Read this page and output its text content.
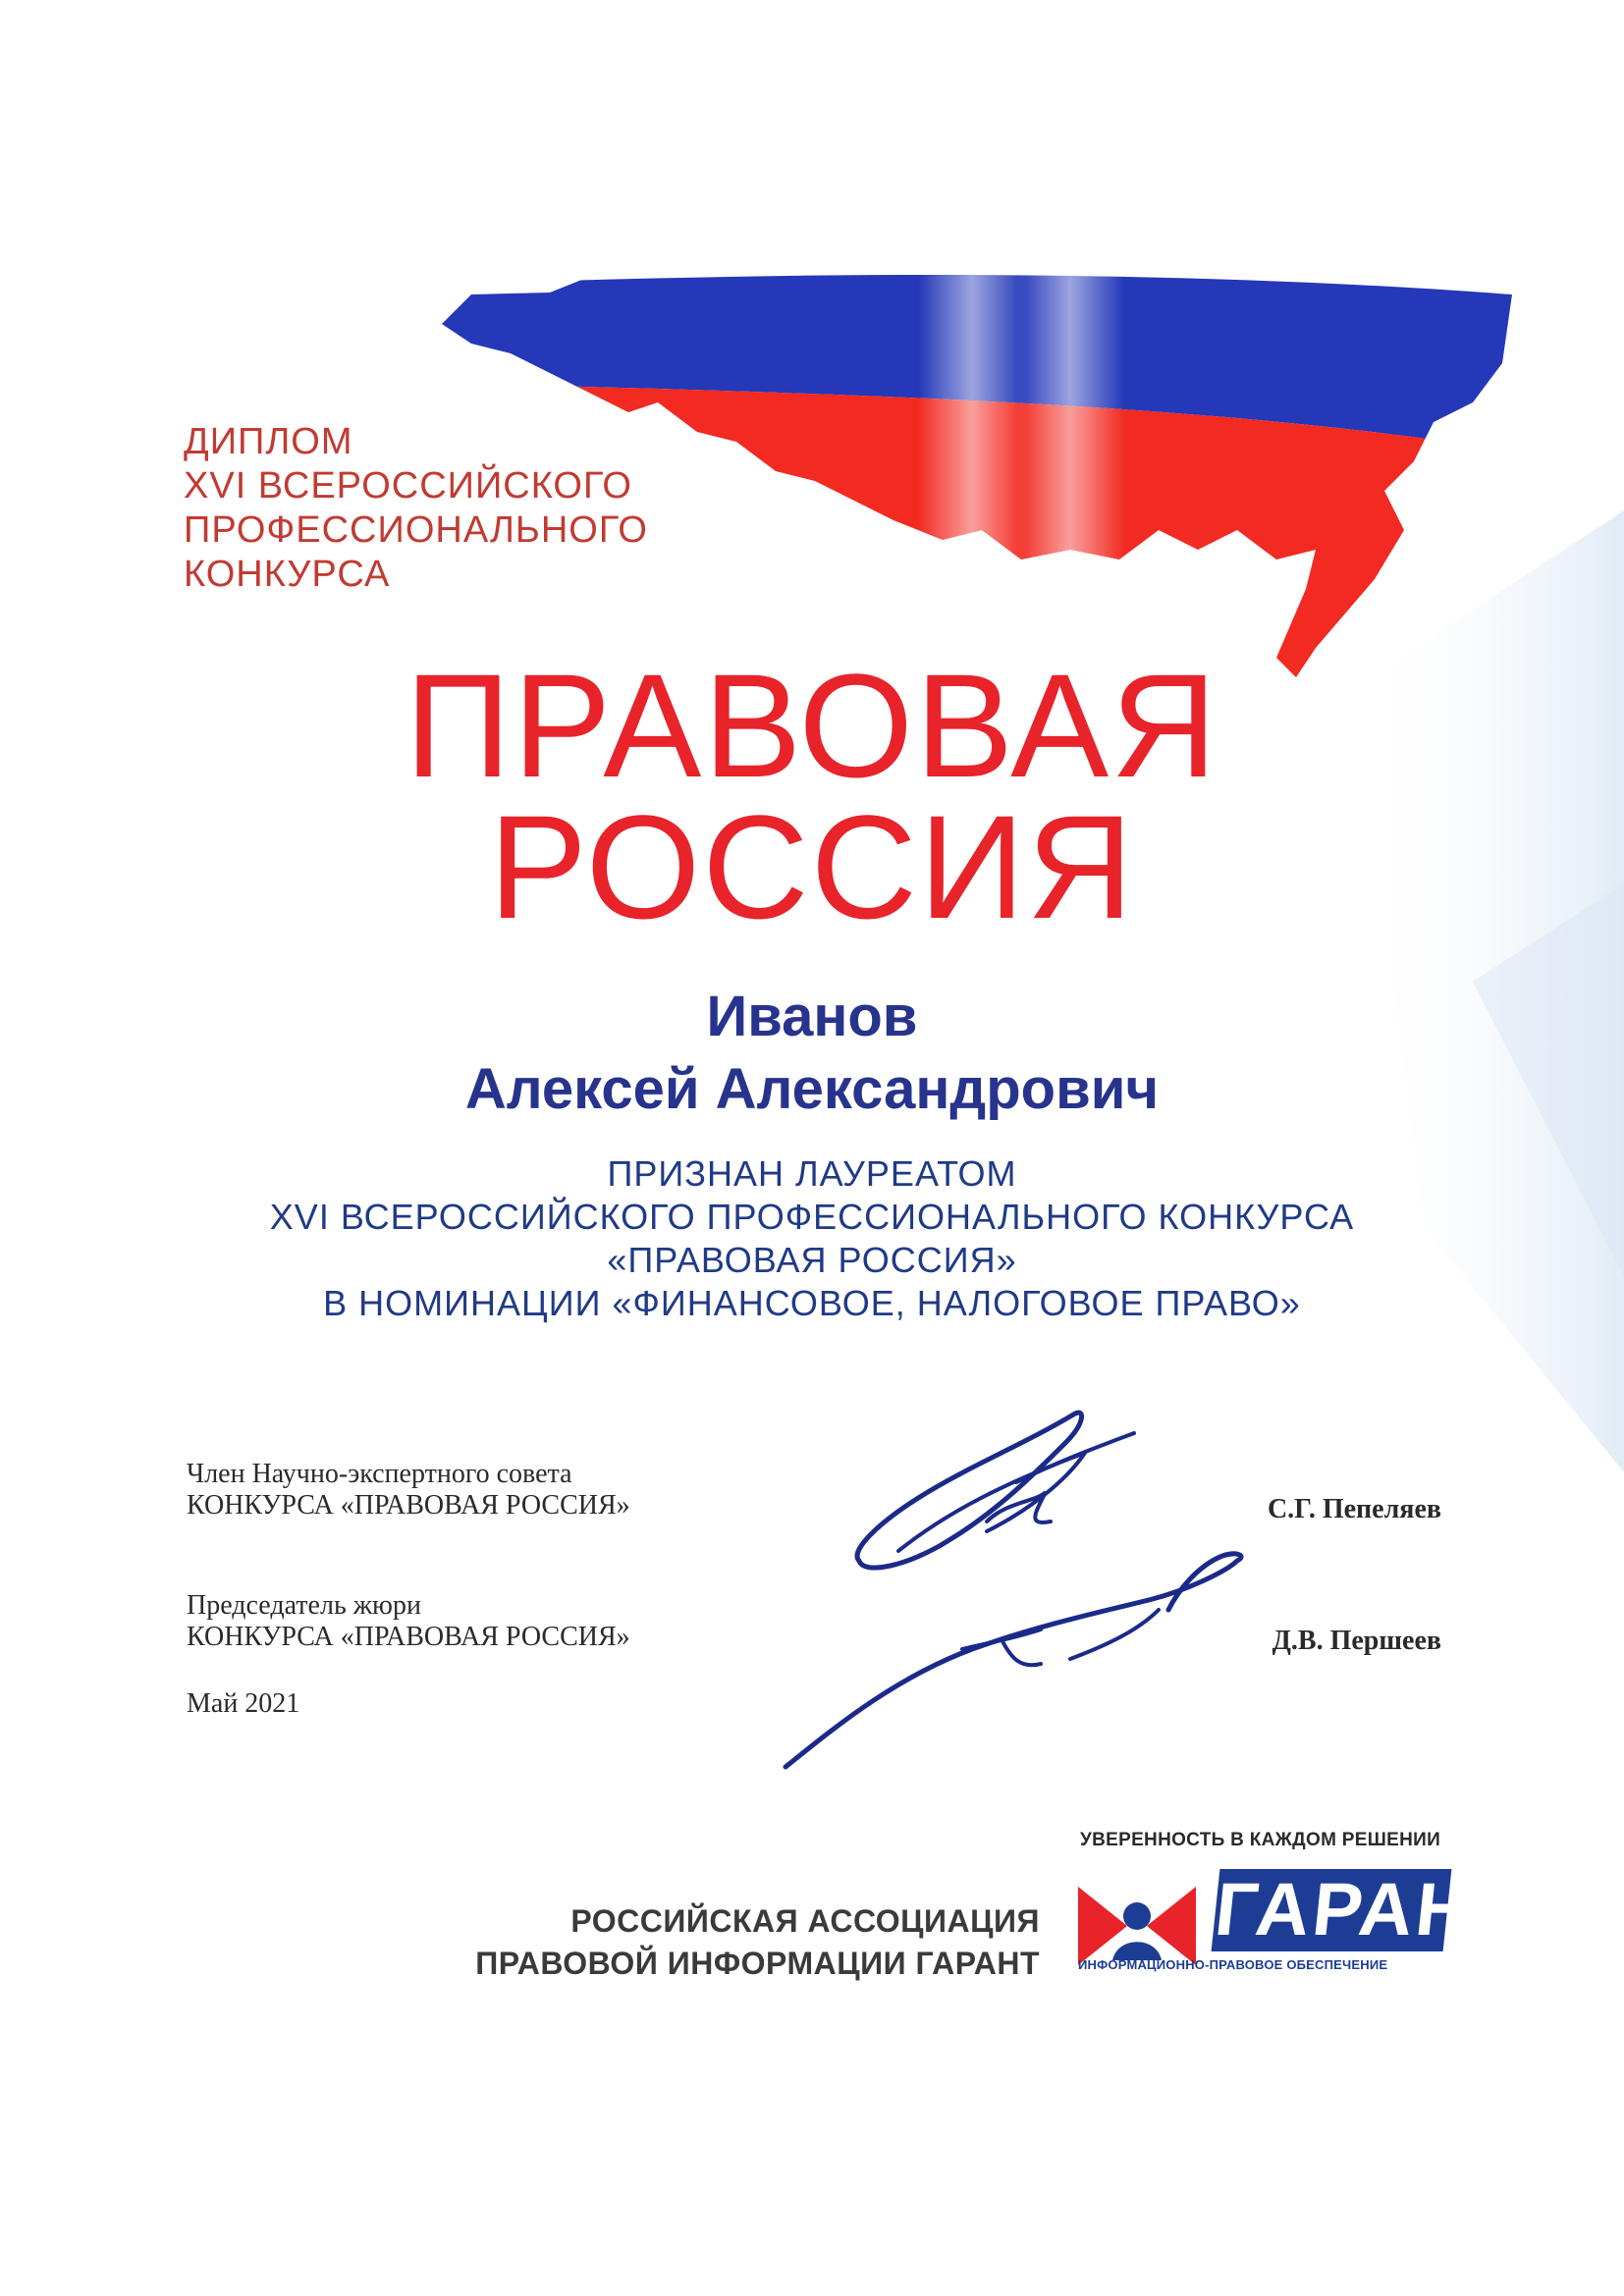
ДИПЛОМ
XVI ВСЕРОССИЙСКОГО
ПРОФЕССИОНАЛЬНОГО
КОНКУРСА
ПРАВОВАЯ
РОССИЯ
Иванов
Алексей Александрович
ПРИЗНАН ЛАУРЕАТОМ
XVI ВСЕРОССИЙСКОГО ПРОФЕССИОНАЛЬНОГО КОНКУРСА
«ПРАВОВАЯ РОССИЯ»
В НОМИНАЦИИ «ФИНАНСОВОЕ, НАЛОГОВОЕ ПРАВО»
Член Научно-экспертного совета
КОНКУРСА «ПРАВОВАЯ РОССИЯ»	С.Г. Пепеляев
Председатель жюри
КОНКУРСА «ПРАВОВАЯ РОССИЯ»	Д.В. Першеев
Май 2021
РОССИЙСКАЯ АССОЦИАЦИЯ
ПРАВОВОЙ ИНФОРМАЦИИ ГАРАНТ
УВЕРЕННОСТЬ В КАЖДОМ РЕШЕНИИ
ГАРАНТ
ИНФОРМАЦИОННО-ПРАВОВОЕ ОБЕСПЕЧЕНИЕ
